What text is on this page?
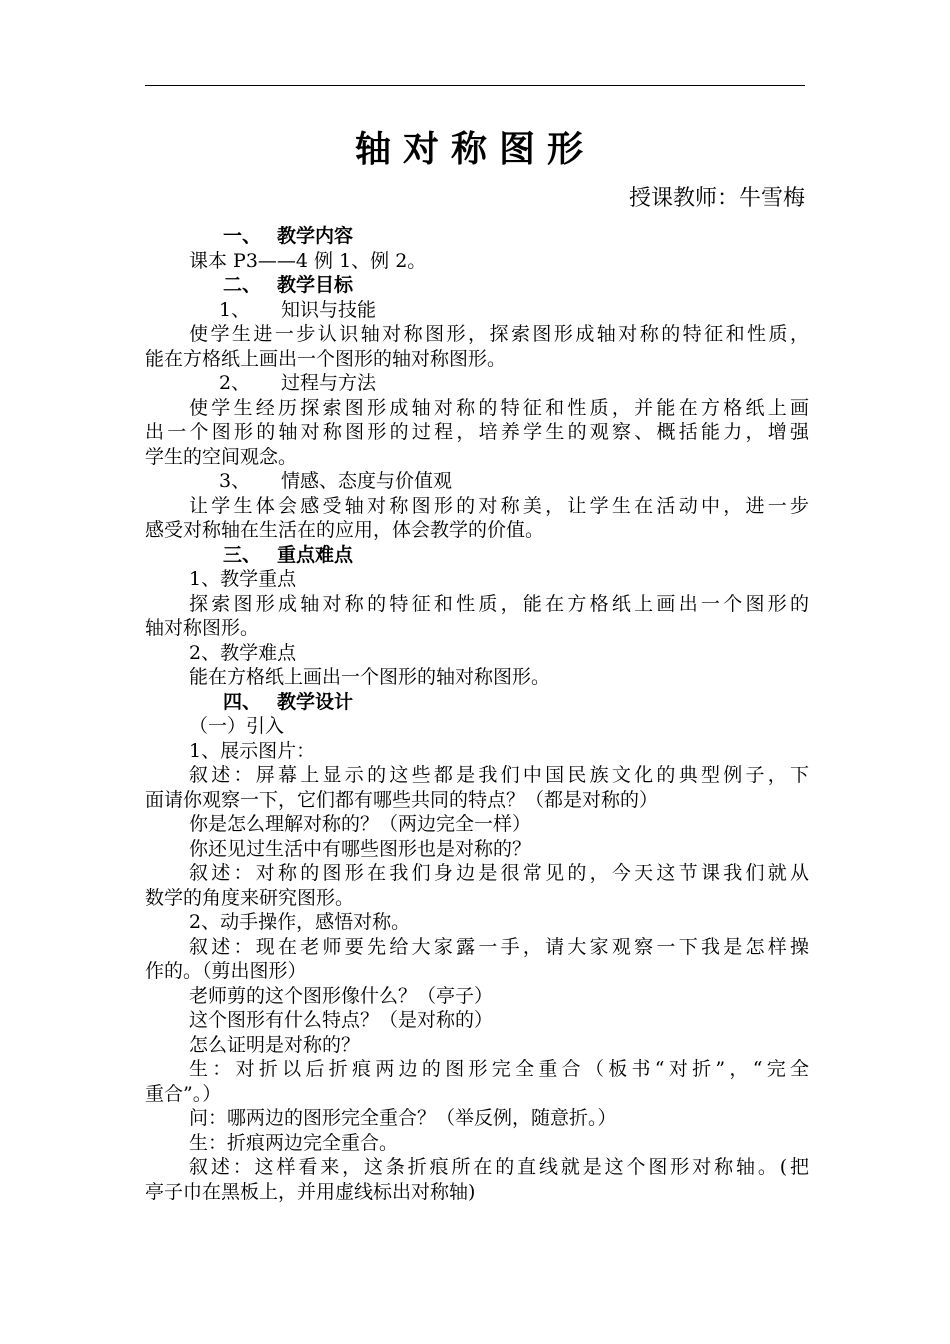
轴对称图形
授课教师：牛雪梅
一、 教学内容
课本 P3——4 例 1、例 2。
二、 教学目标
1、 知识与技能
使学生进一步认识轴对称图形，探索图形成轴对称的特征和性质，
能在方格纸上画出一个图形的轴对称图形。
2、 过程与方法
使学生经历探索图形成轴对称的特征和性质，并能在方格纸上画
出一个图形的轴对称图形的过程，培养学生的观察、概括能力，增强
学生的空间观念。
3、 情感、态度与价值观
让学生体会感受轴对称图形的对称美，让学生在活动中，进一步
感受对称轴在生活在的应用，体会教学的价值。
三、 重点难点
1、教学重点
探索图形成轴对称的特征和性质，能在方格纸上画出一个图形的
轴对称图形。
2、教学难点
能在方格纸上画出一个图形的轴对称图形。
四、 教学设计
（一）引入
1、展示图片：
叙述：屏幕上显示的这些都是我们中国民族文化的典型例子，下
面请你观察一下，它们都有哪些共同的特点？（都是对称的）
你是怎么理解对称的？（两边完全一样）
你还见过生活中有哪些图形也是对称的？
叙述：对称的图形在我们身边是很常见的，今天这节课我们就从
数学的角度来研究图形。
2、动手操作，感悟对称。
叙述：现在老师要先给大家露一手，请大家观察一下我是怎样操
作的。（剪出图形）
老师剪的这个图形像什么？（亭子）
这个图形有什么特点？（是对称的）
怎么证明是对称的？
生：对折以后折痕两边的图形完全重合（板书“对折”，“完全
重合”。）
问：哪两边的图形完全重合？（举反例，随意折。）
生：折痕两边完全重合。
叙述：这样看来，这条折痕所在的直线就是这个图形对称轴。(把
亭子巾在黑板上，并用虚线标出对称轴)
